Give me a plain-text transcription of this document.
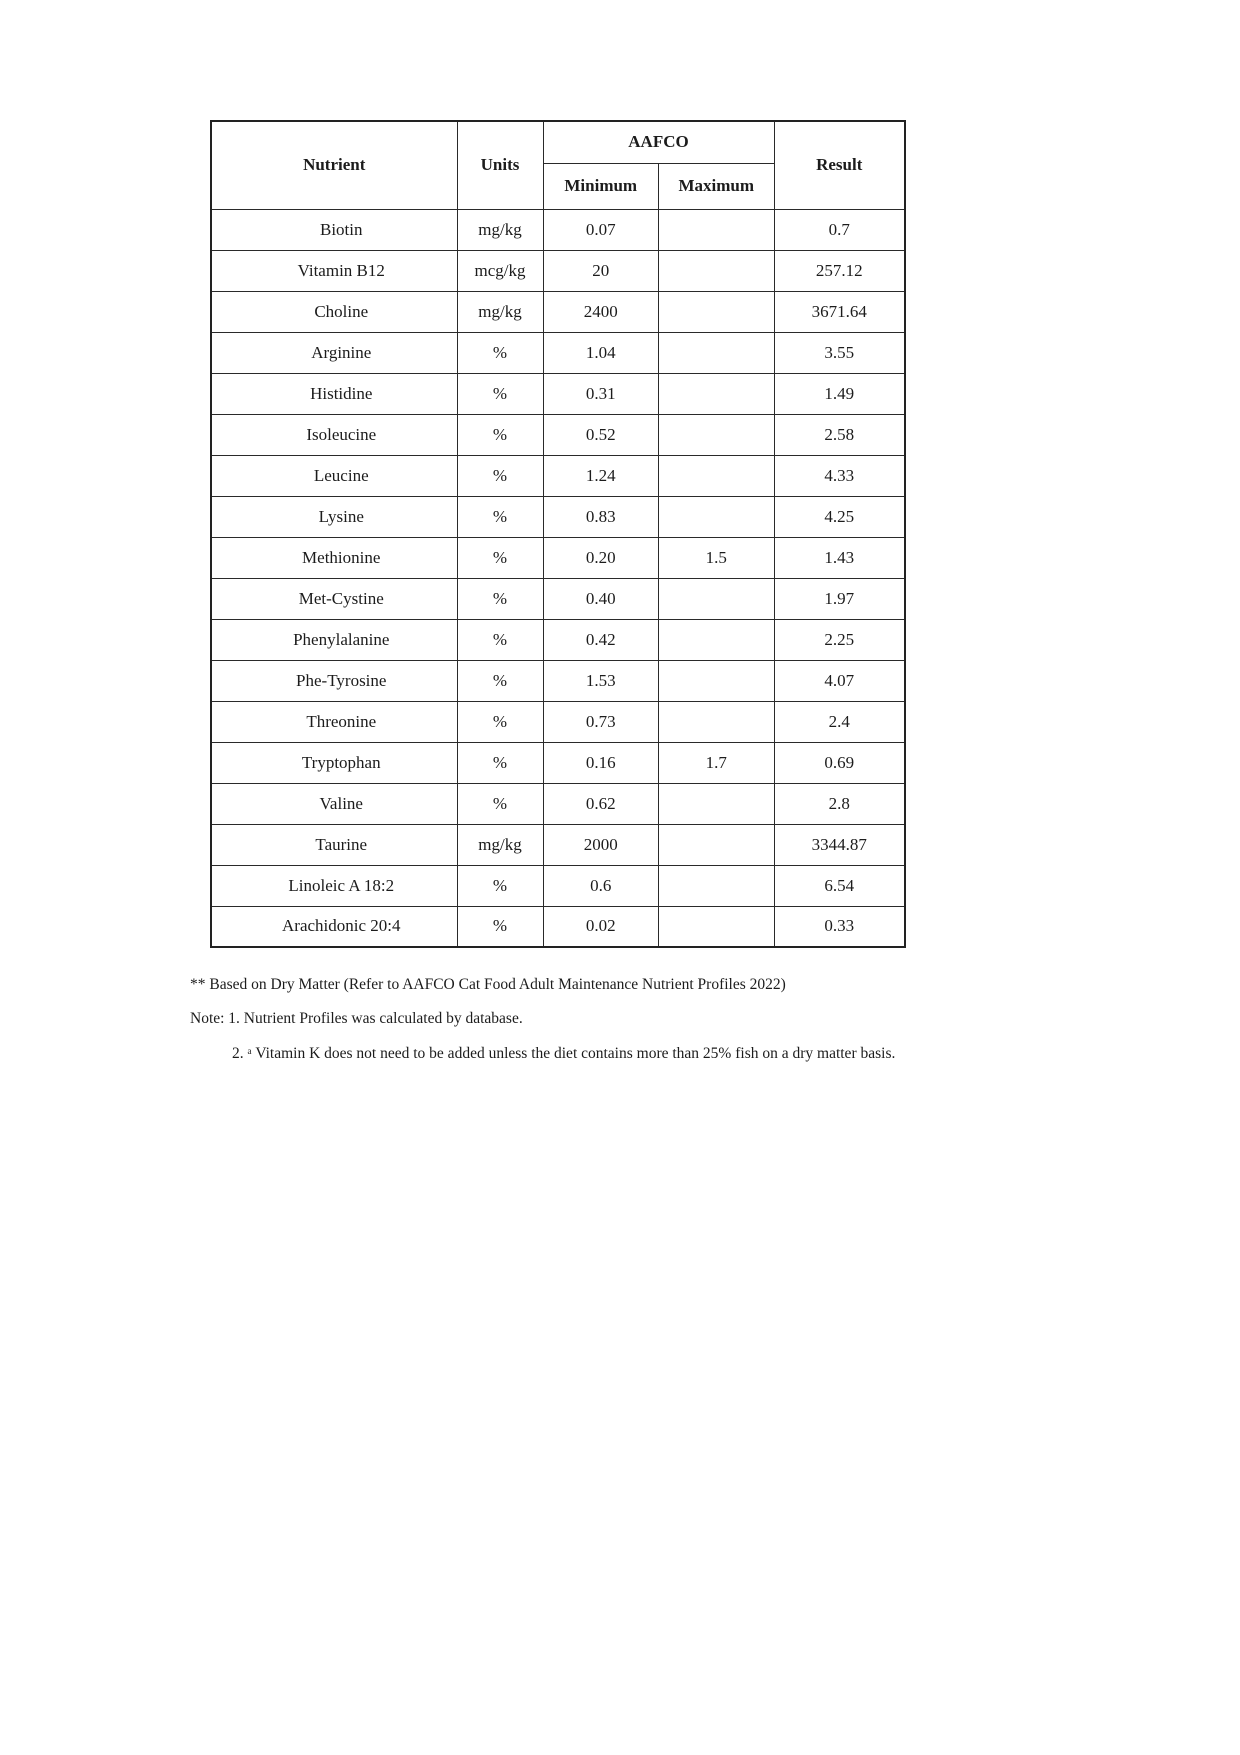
Nutrient	Units	AAFCO		Result
		Minimum	Maximum	
Biotin	mg/kg	0.07		0.7
Vitamin B12	mcg/kg	20		257.12
Choline	mg/kg	2400		3671.64
Arginine	%	1.04		3.55
Histidine	%	0.31		1.49
Isoleucine	%	0.52		2.58
Leucine	%	1.24		4.33
Lysine	%	0.83		4.25
Methionine	%	0.20	1.5	1.43
Met-Cystine	%	0.40		1.97
Phenylalanine	%	0.42		2.25
Phe-Tyrosine	%	1.53		4.07
Threonine	%	0.73		2.4
Tryptophan	%	0.16	1.7	0.69
Valine	%	0.62		2.8
Taurine	mg/kg	2000		3344.87
Linoleic A 18:2	%	0.6		6.54
Arachidonic 20:4	%	0.02		0.33
** Based on Dry Matter (Refer to AAFCO Cat Food Adult Maintenance Nutrient Profiles 2022)
Note: 1. Nutrient Profiles was calculated by database.
2. ᵃ Vitamin K does not need to be added unless the diet contains more than 25% fish on a dry matter basis.
